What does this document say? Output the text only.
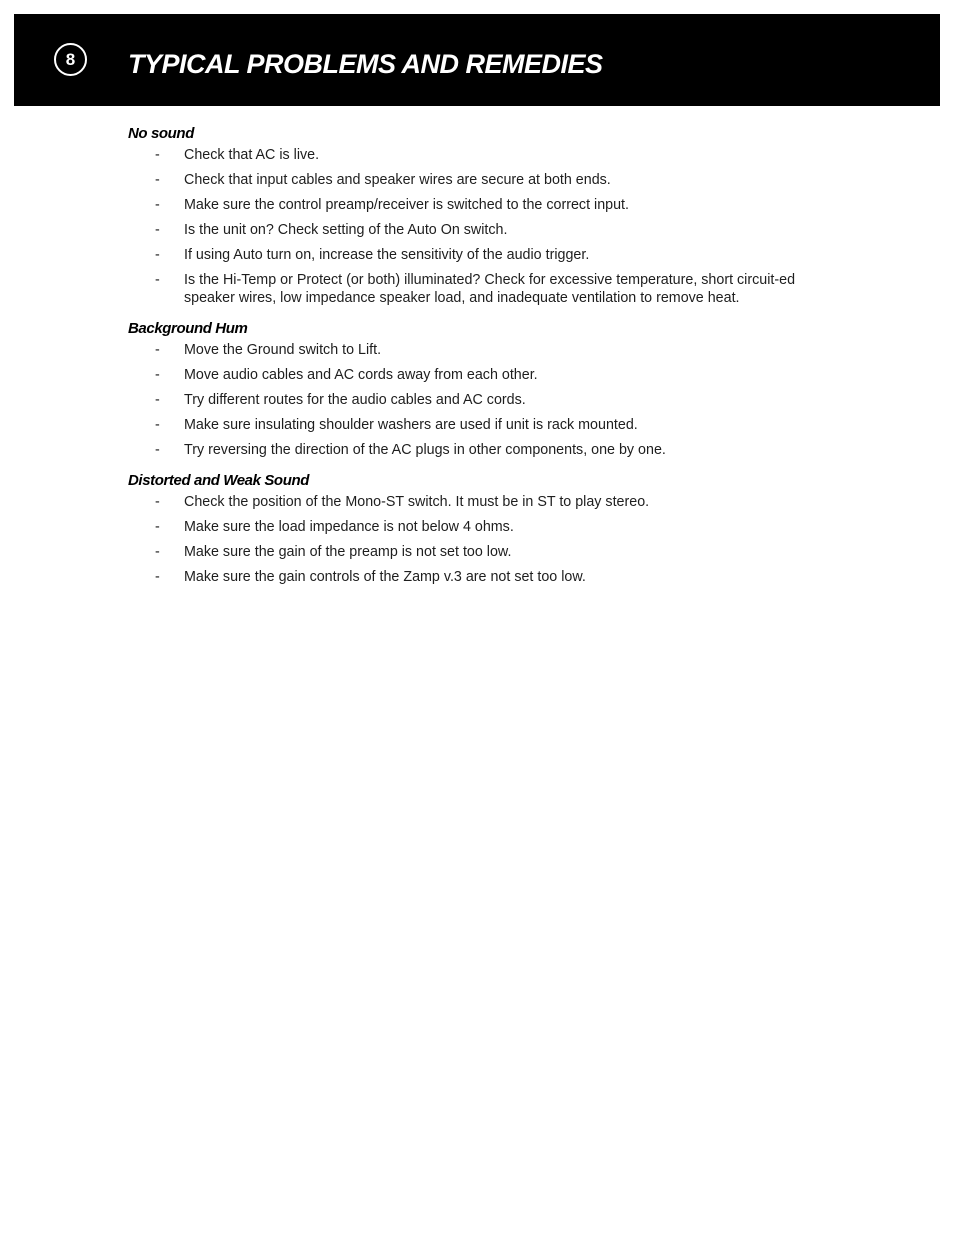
8	TYPICAL PROBLEMS AND REMEDIES
No sound
- Check that AC is live.
- Check that input cables and speaker wires are secure at both ends.
- Make sure the control preamp/receiver is switched to the correct input.
- Is the unit on? Check setting of the Auto On switch.
- If using Auto turn on, increase the sensitivity of the audio trigger.
- Is the Hi-Temp or Protect (or both) illuminated? Check for excessive temperature, short circuit-ed speaker wires, low impedance speaker load, and inadequate ventilation to remove heat.
Background Hum
- Move the Ground switch to Lift.
- Move audio cables and AC cords away from each other.
- Try different routes for the audio cables and AC cords.
- Make sure insulating shoulder washers are used if unit is rack mounted.
- Try reversing the direction of the AC plugs in other components, one by one.
Distorted and Weak Sound
- Check the position of the Mono-ST switch. It must be in ST to play stereo.
- Make sure the load impedance is not below 4 ohms.
- Make sure the gain of the preamp is not set too low.
- Make sure the gain controls of the Zamp v.3 are not set too low.
